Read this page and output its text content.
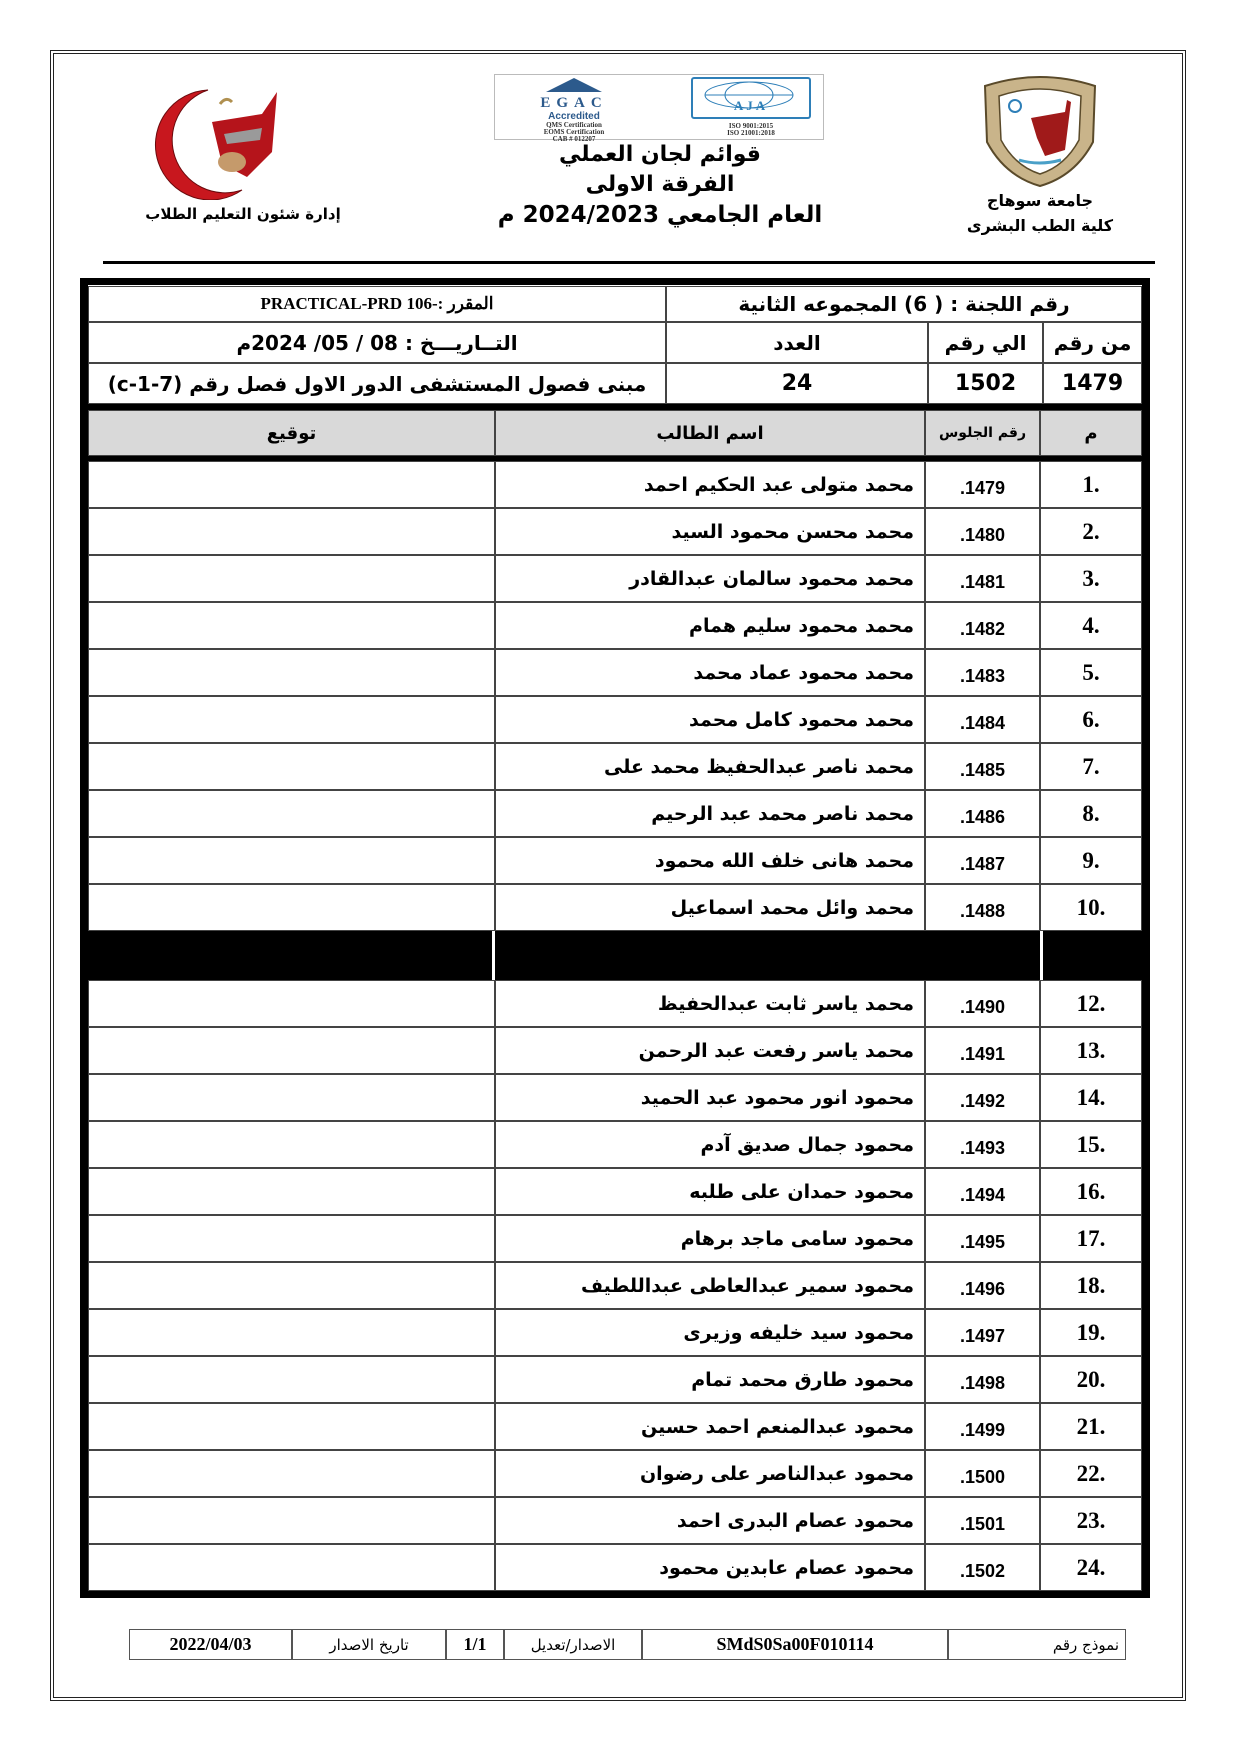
EGAC
Accredited
QMS Certification
EOMS Certification
CAB # 012207
AJA
ISO 9001:2015
ISO 21001:2018
إدارة شئون التعليم الطلاب
قوائم لجان العملي
الفرقة الاولى
العام الجامعي 2024/2023 م
جامعة سوهاج
كلية الطب البشرى
المقرر :-PRACTICAL-PRD 106	رقم اللجنة : ( 6) المجموعه الثانية
التــاريـــخ : 08 / 05/ 2024م	العدد	الي رقم	من رقم
مبنى فصول المستشفى الدور الاول فصل رقم (7-1-c)	24	1502	1479
توقيع	اسم الطالب	رقم الجلوس	م
محمد متولى عبد الحكيم احمد	1479.	.1
محمد محسن محمود السيد	1480.	.2
محمد محمود سالمان عبدالقادر	1481.	.3
محمد محمود سليم همام	1482.	.4
محمد محمود عماد محمد	1483.	.5
محمد محمود كامل محمد	1484.	.6
محمد ناصر عبدالحفيظ محمد على	1485.	.7
محمد ناصر محمد عبد الرحيم	1486.	.8
محمد هانى خلف الله محمود	1487.	.9
محمد وائل محمد اسماعيل	1488.	.10
محمد ياسر ثابت عبدالحفيظ	1490.	.12
محمد ياسر رفعت عبد الرحمن	1491.	.13
محمود انور محمود عبد الحميد	1492.	.14
محمود جمال صديق آدم	1493.	.15
محمود حمدان على طلبه	1494.	.16
محمود سامى ماجد برهام	1495.	.17
محمود سمير عبدالعاطى عبداللطيف	1496.	.18
محمود سيد خليفه وزيرى	1497.	.19
محمود طارق محمد تمام	1498.	.20
محمود عبدالمنعم احمد حسين	1499.	.21
محمود عبدالناصر على رضوان	1500.	.22
محمود عصام البدرى احمد	1501.	.23
محمود عصام عابدين محمود	1502.	.24
2022/04/03	تاريخ الاصدار	1/1	الاصدار/تعديل	SMdS0Sa00F010114	نموذج رقم
